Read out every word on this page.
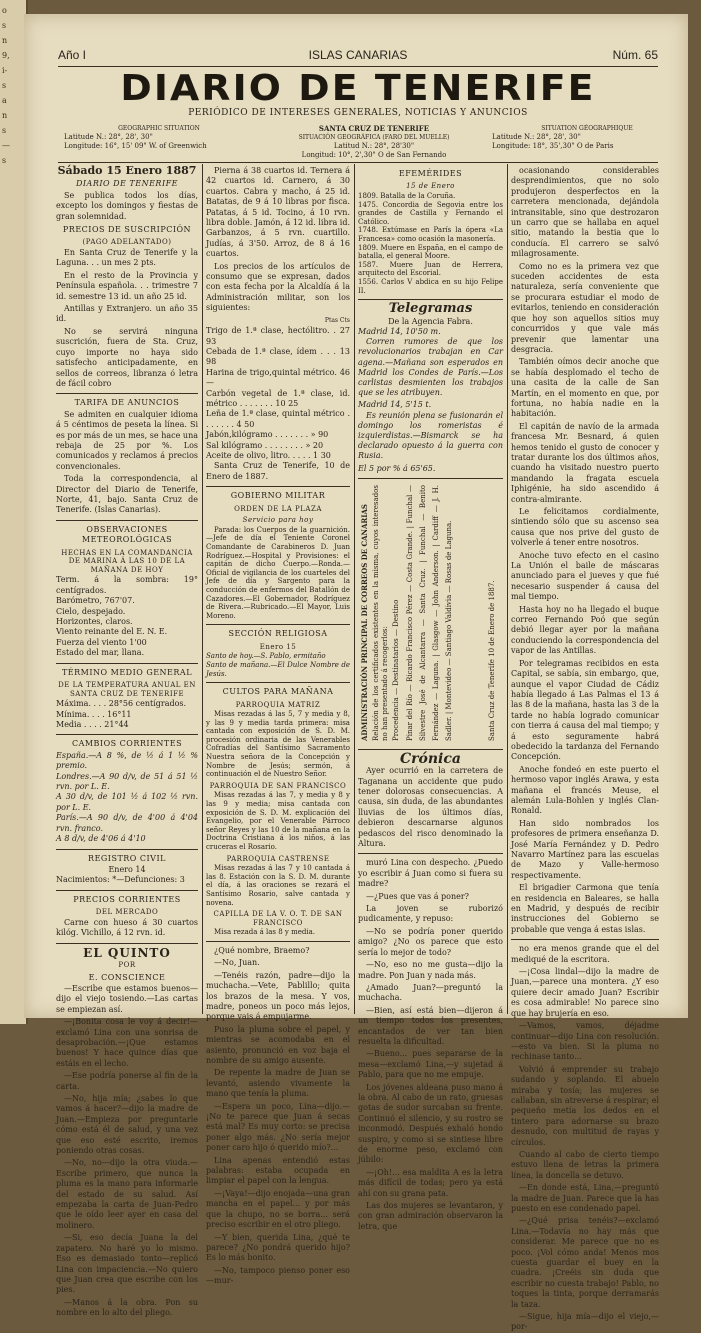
o
s
n
9,
i-
s
a
n
s
—
s
Año I	ISLAS CANARIAS	Núm. 65
DIARIO DE TENERIFE
PERIÓDICO DE INTERESES GENERALES, NOTICIAS Y ANUNCIOS
GEOGRAPHIC SITUATION
Latitude N.: 28°, 28', 30"
Longitude: 16°, 15' 09" W. of Greenwich
SANTA CRUZ DE TENERIFE
SITUACIÓN GEOGRÁFICA (FARO DEL MUELLE)
Latitud N.: 28°, 28'30"
Longitud: 10°, 2',30" O de San Fernando
SITUATION GÉOGRAPHIQUE
Latitude N.: 28°, 28', 30"
Longitude: 18°, 35',30" O de Paris
Sábado 15 Enero 1887
DIARIO DE TENERIFE

Se publica todos los días, excepto los domingos y fiestas de gran solemnidad.

PRECIOS DE SUSCRIPCIÓN
(PAGO ADELANTADO)

En Santa Cruz de Tenerife y la Laguna. . . un mes 2 pts.

En el resto de la Provincia y Península española. . . trimestre 7 id. semestre 13 id. un año 25 id.

Antillas y Extranjero. un año 35 id.

No se servirá ninguna suscrición, fuera de Sta. Cruz, cuyo importe no haya sido satisfecho anticipadamente, en sellos de correos, libranza ó letra de fácil cobro

TARIFA DE ANUNCIOS

Se admiten en cualquier idioma á 5 céntimos de peseta la línea. Si es por más de un mes, se hace una rebaja de 25 por %. Los comunicados y reclamos á precios convencionales.

Toda la correspondencia, al Director del Diario de Tenerife, Norte, 41, bajo. Santa Cruz de Tenerife. (Islas Canarias).

OBSERVACIONES METEOROLÓGICAS
HECHAS EN LA COMANDANCIA DE MARINA Á LAS 10 DE LA MAÑANA DE HOY
Term. á la sombra: 19° centígrados.
Barómetro, 767'07.
Cielo, despejado.
Horizontes, claros.
Viento reinante del E. N. E.
Fuerza del viento 1'00
Estado del mar, llana.
TÉRMINO MEDIO GENERAL
DE LA TEMPERATURA ANUAL EN SANTA CRUZ DE TENERIFE
Máxima. . . . 28°56 centígrados.
Mínima. . . . 16°11
Media . . . . 21°44
CAMBIOS CORRIENTES
España.—A 8 %, de ½ á 1 ½ % premio.
Londres.—A 90 d/v, de 51 á 51 ½ rvn. por L. E.
A 30 d/v, de 101 ½ á 102 ½ rvn. por L. E.
París.—A 90 d/v, de 4'00 á 4'04 rvn. franco.
A 8 d/v, de 4'06 á 4'10
REGISTRO CIVIL
Enero 14
Nacimientos: *—Defunciones: 3
PRECIOS CORRIENTES
DEL MERCADO

Carne con hueso á 30 cuartos kilóg. Vichillo, á 12 rvn. id.

EL QUINTO
POR
E. CONSCIENCE

—Escribe que estamos buenos—dijo el viejo tosiendo.—Las cartas se empiezan así.

—¡Bonita cosa le voy á decir!—exclamó Lina con una sonrisa de desaprobación.—¡Que estamos buenos! Y hace quince días que estáis en el lecho.

—Ese podría ponerse al fin de la carta.

—No, hija mía; ¿sabes lo que vamos á hacer?—dijo la madre de Juan.—Empieza por preguntarle cómo está él de salud, y una vez que eso esté escrito, iremos poniendo otras cosas.

—No, no—dijo la otra viuda.—Escribe primero, que nunca la pluma es la mano para informarle del estado de su salud. Así empezaba la carta de Juan-Pedro que le oído leer ayer en casa del molinero.

—Si, eso decía Juana la del zapatero. No haré yo lo mismo. Eso es demasiado tonto—replicó Lina con impaciencia.—No quiero que Juan crea que escribe con los pies.

—Manos á la obra. Pon su nombre en lo alto del pliego.

Pierna á 38 cuartos id. Ternera á 42 cuartos id. Carnero, á 30 cuartos. Cabra y macho, á 25 id. Batatas, de 9 á 10 libras por fisca. Patatas, á 5 id. Tocino, á 10 rvn. libra doble. Jamón, á 12 id. libra id. Garbanzos, á 5 rvn. cuartillo. Judías, á 3'50. Arroz, de 8 á 16 cuartos.

Los precios de los artículos de consumo que se expresan, dados con esta fecha por la Alcaldía á la Administración militar, son los siguientes:

Ptas Cts
Trigo de 1.ª clase, hectólitro. . 27 93
Cebada de 1.ª clase, ídem . . . 13 98
Harina de trigo,quintal métrico. 46 —
Carbón vegetal de 1.ª clase, id. métrico . . . . . . . 10 25
Leña de 1.ª clase, quintal métrico . . . . . . . 4 50
Jabón,kilógramo . . . . . . . » 90
Sal kilógramo . . . . . . . . » 20
Aceite de olivo, litro. . . . . 1 30

Santa Cruz de Tenerife, 10 de Enero de 1887.

GOBIERNO MILITAR
ORDEN DE LA PLAZA
Servicio para hoy

Parada: los Cuerpos de la guarnición.—Jefe de día el Teniente Coronel Comandante de Carabineros D. Juan Rodríguez.—Hospital y Provisiones: el capitán de dicho Cuerpo.—Ronda.—Oficial de vigilancia de los cuarteles del Jefe de día y Sargento para la conducción de enfermos del Batallón de Cazadores.—El Gobernador, Rodríguez de Rivera.—Rubricado.—El Mayor, Luis Moreno.

SECCIÓN RELIGIOSA
Enero 15
Santo de hoy.—S. Pablo, ermitaño
Santo de mañana.—El Dulce Nombre de Jesús.
CULTOS PARA MAÑANA
PARROQUIA MATRIZ

Misas rezadas á las 5, 7 y media y 8, y las 9 y media tarda primera: misa cantada con exposición de S. D. M. procesión ordinaria de las Venerables Cofradías del Santísimo Sacramento Nuestra señora de la Concepción y Nombre de Jesús; sermón, á continuación el de Nuestro Señor.

PARROQUIA DE SAN FRANCISCO

Misas rezadas á las 7, y media y 8 y las 9 y media; misa cantada con exposición de S. D. M. explicación del Evangelio, por el Venerable Párroco señor Reyes y las 10 de la mañana en la Doctrina Cristiana á los niños, á las cruceras el Rosario.

PARROQUIA CASTRENSE

Misas rezadas á las 7 y 10 cantada á las 8. Estación con la S. D. M. durante el día, á las oraciones se rezará el Santísimo Rosario, salve cantada y novena.

CAPILLA DE LA V. O. T. DE SAN FRANCISCO

Misa rezada á las 8 y media.

¿Qué nombre, Braemo?

—No, Juan.

—Tenéis razón, padre—dijo la muchacha.—Vete, Pablillo; quita los brazos de la mesa. Y vos, madre, poneos un poco más lejos, porque vais á empujarme.

Puso la pluma sobre el papel, y mientras se acomodaba en el asiento, pronunció en voz baja el nombre de su amigo ausente.

De repente la madre de Juan se levantó, asiendo vivamente la mano que tenía la pluma.

—Espera un poco, Lina—dijo.—¡No te parece que Juan á secas está mal? Es muy corto: se precisa poner algo más. ¿No sería mejor poner caro hijo ó querido mío?...

Lina apenas entendió estas palabras: estaba ocupada en limpiar el papel con la lengua.

—¡Vaya!—dijo enojada—una gran mancha en el papel... y por más que la chupo, no se borra... será preciso escribir en el otro pliego.

—Y bien, querida Lina, ¿qué te parece? ¿No pondrá querido hijo? Es lo más bonito.

—No, tampoco pienso poner eso—mur-

EFEMÉRIDES
15 de Enero
1809. Batalla de la Coruña.
1475. Concordia de Segovia entre los grandes de Castilla y Fernando el Católico.
1748. Extúmase en París la ópera «La Francesa» como ocasión la masonería.
1809. Muere en España, en el campo de batalla, el general Moore.
1587. Muere Juan de Herrera, arquitecto del Escorial.
1556. Carlos V abdica en su hijo Felipe II.
Telegramas
De la Agencia Fabra.
Madrid 14, 10'50 m.

Corren rumores de que los revolucionarios trabajan en Car agena.—Mañana son esperados en Madrid los Condes de París.—Los carlistas desmienten los trabajos que se les atribuyen.

Madrid 14, 5'15 t.

Es reunión plena se fusionarán el domingo los romeristas é izquierdistas.—Bismarck se ha declarado opuesto á la guerra con Rusia.

El 5 por % á 65'65.
ADMINISTRACIÓN PRINCIPAL DE CORREOS DE CANARIAS Relación de los certificados existentes en la misma, cuyos interesados no han presentado á recogerlos: Procedencia — Destinatarios — Destino Pinar del Río — Ricardo Francisco Pérez — Costa Grande. | Funchal — Silvestre José de Alcantarra — Santa Cruz. | Funchal — Benito Fernández — Laguna. | Glasgow — John Anderson. | Cardiff — J. H. Sadler. | Montevideo — Santiago Valdivia — Rosas de Laguna.	Santa Cruz de Tenerife 10 de Enero de 1887.
Crónica

Ayer ocurrió en la carretera de Taganana un accidente que pudo tener dolorosas consecuencias. A causa, sin duda, de las abundantes lluvias de los últimos días, debieron descarnarse algunos pedascos del risco denominado la Altura.

muró Lina con despecho. ¿Puedo yo escribir á Juan como si fuera su madre?

—¿Pues que vas á poner?

La joven se ruborizó pudicamente, y repuso:

—No se podría poner querido amigo? ¿No os parece que esto sería lo mejor de todo?

—No, eso no me gusta—dijo la madre. Pon Juan y nada más.

¿Amado Juan?—preguntó la muchacha.

—Bien, así está bien—dijeron á un tiempo todos los presentes, encantados de ver tan bien resuelta la dificultad.

—Bueno... pues separarse de la mesa—exclamó Lina,—y sujetad á Pablo, para que no me empuje.

Los jóvenes aldeana puso mano á la obra. Al cabo de un rato, gruesas gotas de sudor surcaban su frente. Continuó el silencio, y su rostro se inconmodó. Después exhaló hondo suspiro, y como si se sintiese libre de enorme peso, exclamó con júbilo:

—¡Oh!... esa maldita A es la letra más difícil de todas; pero ya está ahí con su grana pata.

Las dos mujeres se levantaron, y con gran admiración observaron la letra, que

ocasionando considerables desprendimientos, que no solo produjeron desperfectos en la carretera mencionada, dejándola intransitable, sino que destrozaron un carro que se hallaba en aquel sitio, matando la bestia que lo conducía. El carrero se salvó milagrosamente.

Como no es la primera vez que suceden accidentes de esta naturaleza, sería conveniente que se procurara estudiar el modo de evitarlos, teniendo en consideración que hoy son aquellos sitios muy concurridos y que vale más prevenir que lamentar una desgracia.

También oímos decir anoche que se había desplomado el techo de una casita de la calle de San Martín, en el momento en que, por fortuna, no había nadie en la habitación.

El capitán de navío de la armada francesa Mr. Besnard, á quien hemos tenido el gusto de conocer y tratar durante los dos últimos años, cuando ha visitado nuestro puerto mandando la fragata escuela Iphigénie, ha sido ascendido á contra-almirante.

Le felicitamos cordialmente, sintiendo sólo que su ascenso sea causa que nos prive del gusto de volverle á tener entre nosotros.

Anoche tuvo efecto en el casino La Unión el baile de máscaras anunciado para el jueves y que fué necesario suspender á causa del mal tiempo.

Hasta hoy no ha llegado el buque correo Fernando Poó que según debió llegar ayer por la mañana conduciendo la correspondencia del vapor de las Antillas.

Por telegramas recibidos en esta Capital, se sabía, sin embargo, que, aunque el vapor Ciudad de Cádiz había llegado á Las Palmas el 13 á las 8 de la mañana, hasta las 3 de la tarde no había logrado comunicar con tierra á causa del mal tiempo; y á esto seguramente habrá obedecido la tardanza del Fernando Concepción.

Anoche fondeó en este puerto el hermoso vapor inglés Arawa, y esta mañana el francés Meuse, el alemán Lula-Bohlen y inglés Clan-Ronald.

Han sido nombrados los profesores de primera enseñanza D. José María Fernández y D. Pedro Navarro Martínez para las escuelas de Mazo y Valle-hermoso respectivamente.

El brigadier Carmona que tenía en residencia en Baleares, se halla en Madrid, y después de recibir instrucciones del Gobierno se probable que venga á estas islas.

no era menos grande que el del mediqué de la escritora.

—¡Cosa lindal—dijo la madre de Juan,—parece una montera. ¿Y eso quiere decir amado Juan? Escribir es cosa admirable! No parece sino que hay brujería en eso.

—Vamos, vamos, déjadme continuar—dijo Lina con resolución.—esto va bien. Si la pluma no rechinase tanto...

Volvió á emprender su trabajo sudando y soplando. El abuelo miraba y tosía; las mujeres se callaban, sin atreverse á respirar; el pequeño metía los dedos en el tintero para adornarse su brazo desnudo, con multitud de rayas y círculos.

Cuando al cabo de cierto tiempo estuvo llena de letras la primera línea, la doncella se detuvo.

—En donde está, Lina,—preguntó la madre de Juan. Parece que la has puesto en ese condenado papel.

—¿Qué prisa tenéis?—exclamó Lina.—Todavía no hay más que considerar. Me parece que no es poco. ¡Vol cómo anda! Menos mos cuesta guardar el buey en la cuadra. ¡Creéis sin duda que escribir no cuesta trabajo! Pablo, no toques la tinta, porque derramarás la taza.

—Sigue, hija mía—dijo el viejo,—por-
